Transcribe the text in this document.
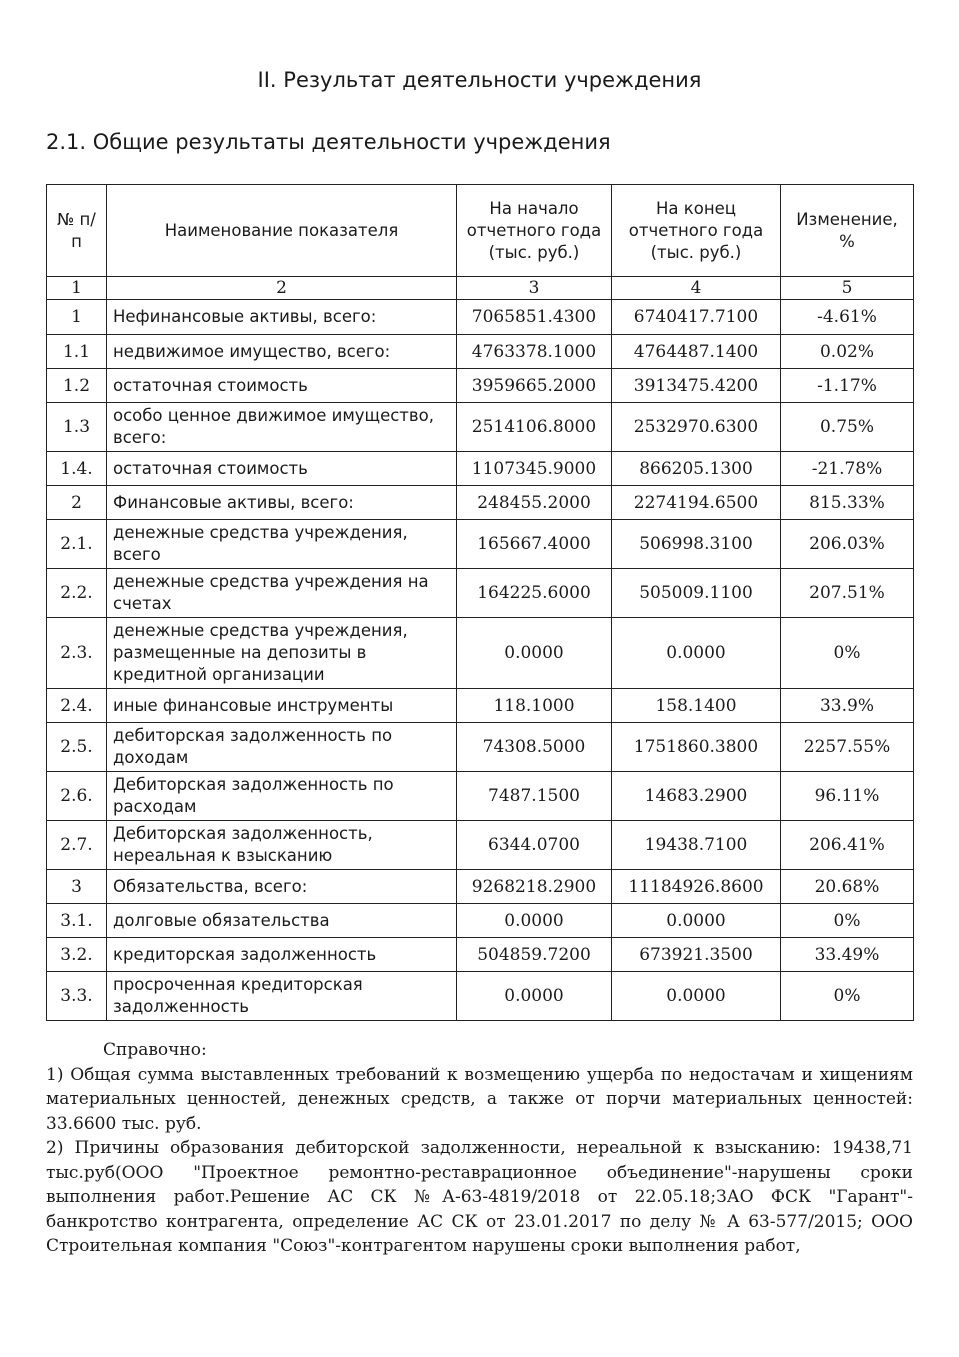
II. Результат деятельности учреждения
2.1. Общие результаты деятельности учреждения
№ п/п	Наименование показателя	На начало отчетного года (тыс. руб.)	На конец отчетного года (тыс. руб.)	Изменение, %
1	2	3	4	5
1	Нефинансовые активы, всего:	7065851.4300	6740417.7100	-4.61%
1.1	недвижимое имущество, всего:	4763378.1000	4764487.1400	0.02%
1.2	остаточная стоимость	3959665.2000	3913475.4200	-1.17%
1.3	особо ценное движимое имущество, всего:	2514106.8000	2532970.6300	0.75%
1.4.	остаточная стоимость	1107345.9000	866205.1300	-21.78%
2	Финансовые активы, всего:	248455.2000	2274194.6500	815.33%
2.1.	денежные средства учреждения, всего	165667.4000	506998.3100	206.03%
2.2.	денежные средства учреждения на счетах	164225.6000	505009.1100	207.51%
2.3.	денежные средства учреждения, размещенные на депозиты в кредитной организации	0.0000	0.0000	0%
2.4.	иные финансовые инструменты	118.1000	158.1400	33.9%
2.5.	дебиторская задолженность по доходам	74308.5000	1751860.3800	2257.55%
2.6.	Дебиторская задолженность по расходам	7487.1500	14683.2900	96.11%
2.7.	Дебиторская задолженность, нереальная к взысканию	6344.0700	19438.7100	206.41%
3	Обязательства, всего:	9268218.2900	11184926.8600	20.68%
3.1.	долговые обязательства	0.0000	0.0000	0%
3.2.	кредиторская задолженность	504859.7200	673921.3500	33.49%
3.3.	просроченная кредиторская задолженность	0.0000	0.0000	0%

Справочно:

1) Общая сумма выставленных требований к возмещению ущерба по недостачам и хищениям материальных ценностей, денежных средств, а также от порчи материальных ценностей: 33.6600 тыс. руб.

2) Причины образования дебиторской задолженности, нереальной к взысканию: 19438,71 тыс.руб(ООО "Проектное ремонтно-реставрационное объединение"-нарушены сроки выполнения работ.Решение АС СК №А-63-4819/2018 от 22.05.18;ЗАО ФСК "Гарант"-банкротство контрагента, определение АС СК от 23.01.2017 по делу № А 63-577/2015; ООО Строительная компания "Союз"-контрагентом нарушены сроки выполнения работ,
